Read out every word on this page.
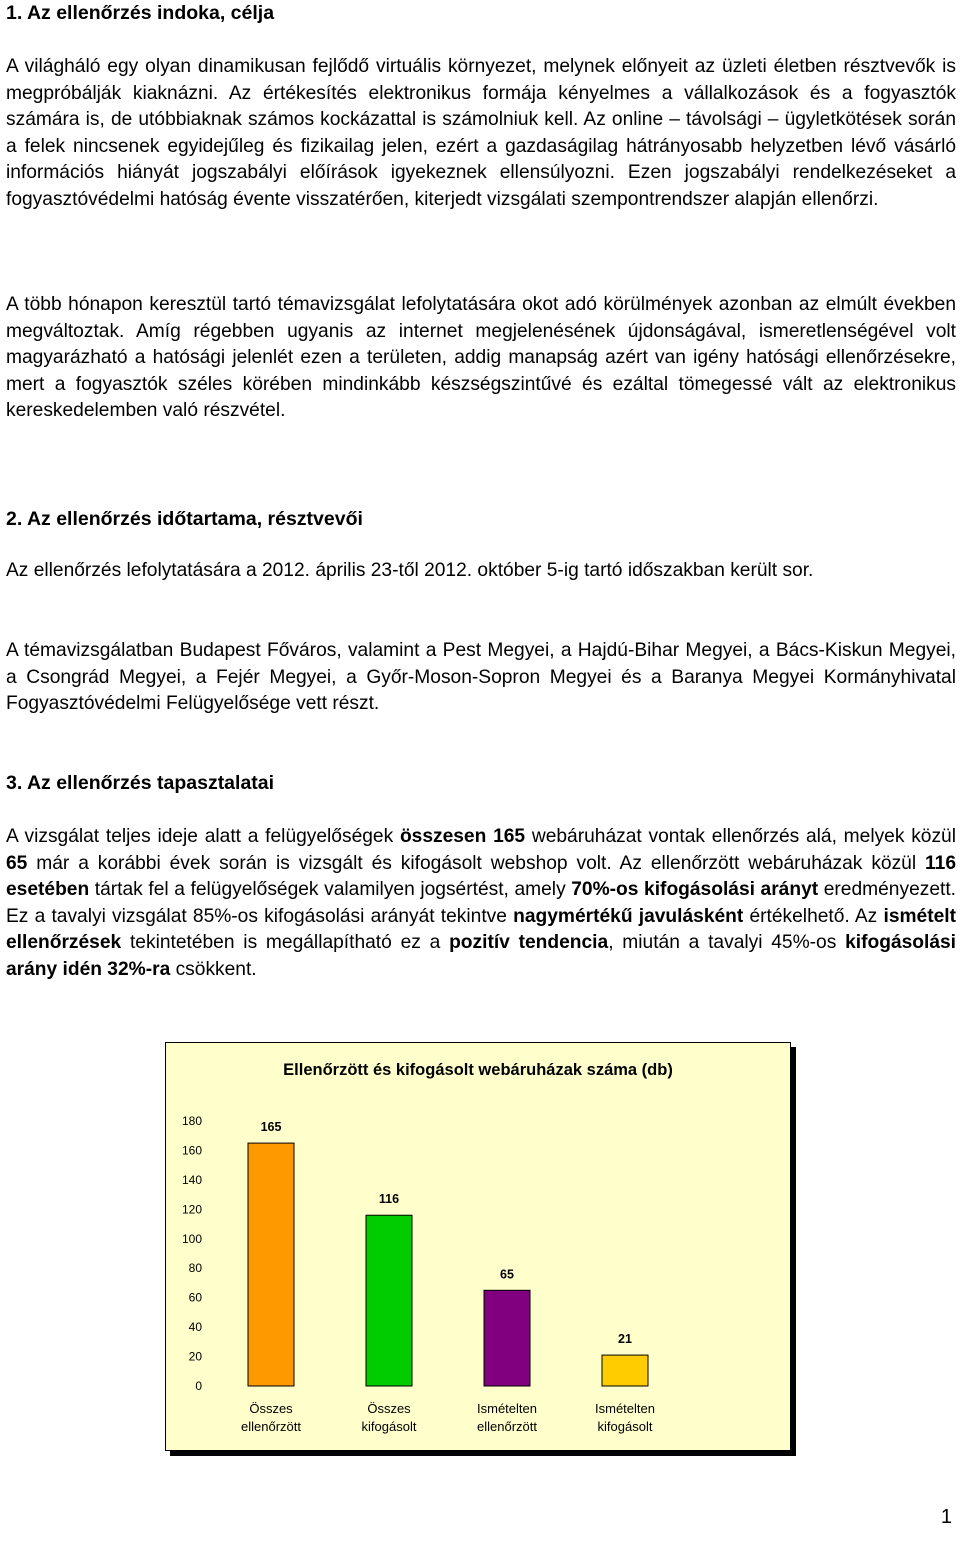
1. Az ellenőrzés indoka, célja

A világháló egy olyan dinamikusan fejlődő virtuális környezet, melynek előnyeit az üzleti életben résztvevők is megpróbálják kiaknázni. Az értékesítés elektronikus formája kényelmes a vállalkozások és a fogyasztók számára is, de utóbbiaknak számos kockázattal is számolniuk kell. Az online – távolsági – ügyletkötések során a felek nincsenek egyidejűleg és fizikailag jelen, ezért a gazdaságilag hátrányosabb helyzetben lévő vásárló információs hiányát jogszabályi előírások igyekeznek ellensúlyozni. Ezen jogszabályi rendelkezéseket a fogyasztóvédelmi hatóság évente visszatérően, kiterjedt vizsgálati szempontrendszer alapján ellenőrzi.

A több hónapon keresztül tartó témavizsgálat lefolytatására okot adó körülmények azonban az elmúlt években megváltoztak. Amíg régebben ugyanis az internet megjelenésének újdonságával, ismeretlenségével volt magyarázható a hatósági jelenlét ezen a területen, addig manapság azért van igény hatósági ellenőrzésekre, mert a fogyasztók széles körében mindinkább készségszintűvé és ezáltal tömegessé vált az elektronikus kereskedelemben való részvétel.

2. Az ellenőrzés időtartama, résztvevői

Az ellenőrzés lefolytatására a 2012. április 23-től 2012. október 5-ig tartó időszakban került sor.

A témavizsgálatban Budapest Főváros, valamint a Pest Megyei, a Hajdú-Bihar Megyei, a Bács-Kiskun Megyei, a Csongrád Megyei, a Fejér Megyei, a Győr-Moson-Sopron Megyei és a Baranya Megyei Kormányhivatal Fogyasztóvédelmi Felügyelősége vett részt.

3. Az ellenőrzés tapasztalatai

A vizsgálat teljes ideje alatt a felügyelőségek összesen 165 webáruházat vontak ellenőrzés alá, melyek közül 65 már a korábbi évek során is vizsgált és kifogásolt webshop volt. Az ellenőrzött webáruházak közül 116 esetében tártak fel a felügyelőségek valamilyen jogsértést, amely 70%-os kifogásolási arányt eredményezett. Ez a tavalyi vizsgálat 85%-os kifogásolási arányát tekintve nagymértékű javulásként értékelhető. Az ismételt ellenőrzések tekintetében is megállapítható ez a pozitív tendencia, miután a tavalyi 45%-os kifogásolási arány idén 32%-ra csökkent.

Ellenőrzött és kifogásolt webáruházak száma (db)
0
20
40
60
80
100
120
140
160
180	165
Összes
ellenőrzött
116
Összes
kifogásolt
65
Ismételten
ellenőrzött
21
Ismételten
kifogásolt
1
